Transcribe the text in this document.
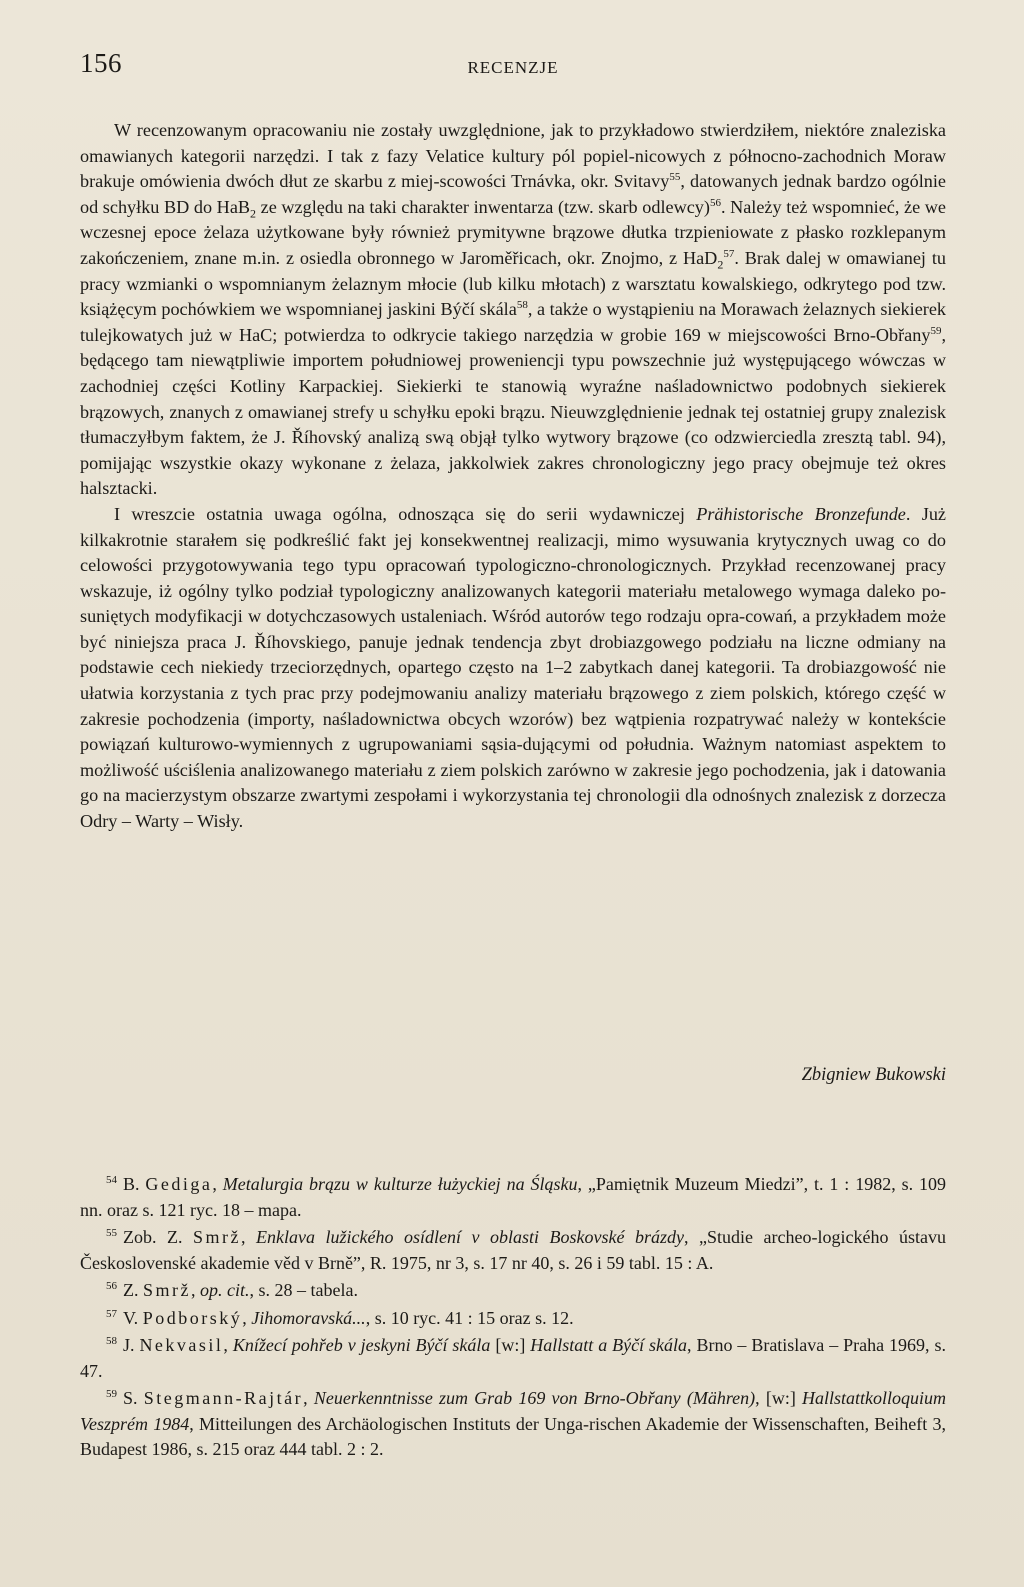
156	RECENZJE

W recenzowanym opracowaniu nie zostały uwzględnione, jak to przykładowo stwierdziłem, niektóre znaleziska omawianych kategorii narzędzi. I tak z fazy Velatice kultury pól popiel-nicowych z północno-zachodnich Moraw brakuje omówienia dwóch dłut ze skarbu z miej-scowości Trnávka, okr. Svitavy$^{55}$, datowanych jednak bardzo ogólnie od schyłku BD do HaB$_2$ ze względu na taki charakter inwentarza (tzw. skarb odlewcy)$^{56}$. Należy też wspomnieć, że we wczesnej epoce żelaza użytkowane były również prymitywne brązowe dłutka trzpieniowate z płasko rozklepanym zakończeniem, znane m.in. z osiedla obronnego w Jaroměřicach, okr. Znojmo, z HaD$_2^{57}$. Brak dalej w omawianej tu pracy wzmianki o wspomnianym żelaznym młocie (lub kilku młotach) z warsztatu kowalskiego, odkrytego pod tzw. książęcym pochówkiem we wspomnianej jaskini Býčí skála$^{58}$, a także o wystąpieniu na Morawach żelaznych siekierek tulejkowatych już w HaC; potwierdza to odkrycie takiego narzędzia w grobie 169 w miejscowości Brno-Obřany$^{59}$, będącego tam niewątpliwie importem południowej proweniencji typu powszechnie już występującego wówczas w zachodniej części Kotliny Karpackiej. Siekierki te stanowią wyraźne naśladownictwo podobnych siekierek brązowych, znanych z omawianej strefy u schyłku epoki brązu. Nieuwzględnienie jednak tej ostatniej grupy znalezisk tłumaczyłbym faktem, że J. Říhovský analizą swą objął tylko wytwory brązowe (co odzwierciedla zresztą tabl. 94), pomijając wszystkie okazy wykonane z żelaza, jakkolwiek zakres chronologiczny jego pracy obejmuje też okres halsztacki.

I wreszcie ostatnia uwaga ogólna, odnosząca się do serii wydawniczej Prähistorische Bronzefunde. Już kilkakrotnie starałem się podkreślić fakt jej konsekwentnej realizacji, mimo wysuwania krytycznych uwag co do celowości przygotowywania tego typu opracowań typologiczno-chronologicznych. Przykład recenzowanej pracy wskazuje, iż ogólny tylko podział typologiczny analizowanych kategorii materiału metalowego wymaga daleko po-suniętych modyfikacji w dotychczasowych ustaleniach. Wśród autorów tego rodzaju opra-cowań, a przykładem może być niniejsza praca J. Říhovskiego, panuje jednak tendencja zbyt drobiazgowego podziału na liczne odmiany na podstawie cech niekiedy trzeciorzędnych, opartego często na 1–2 zabytkach danej kategorii. Ta drobiazgowość nie ułatwia korzystania z tych prac przy podejmowaniu analizy materiału brązowego z ziem polskich, którego część w zakresie pochodzenia (importy, naśladownictwa obcych wzorów) bez wątpienia rozpatrywać należy w kontekście powiązań kulturowo-wymiennych z ugrupowaniami sąsia-dującymi od południa. Ważnym natomiast aspektem to możliwość uściślenia analizowanego materiału z ziem polskich zarówno w zakresie jego pochodzenia, jak i datowania go na macierzystym obszarze zwartymi zespołami i wykorzystania tej chronologii dla odnośnych znalezisk z dorzecza Odry – Warty – Wisły.

Zbigniew Bukowski

$^{54}$ B. Gediga, Metalurgia brązu w kulturze łużyckiej na Śląsku, „Pamiętnik Muzeum Miedzi”, t. 1 : 1982, s. 109 nn. oraz s. 121 ryc. 18 – mapa.

$^{55}$ Zob. Z. Smrž, Enklava lužického osídlení v oblasti Boskovské brázdy, „Studie archeo-logického ústavu Československé akademie věd v Brně”, R. 1975, nr 3, s. 17 nr 40, s. 26 i 59 tabl. 15 : A.

$^{56}$ Z. Smrž, op. cit., s. 28 – tabela.

$^{57}$ V. Podborský, Jihomoravská..., s. 10 ryc. 41 : 15 oraz s. 12.

$^{58}$ J. Nekvasil, Knížecí pohřeb v jeskyni Býčí skála [w:] Hallstatt a Býčí skála, Brno – Bratislava – Praha 1969, s. 47.

$^{59}$ S. Stegmann-Rajtár, Neuerkenntnisse zum Grab 169 von Brno-Obřany (Mähren), [w:] Hallstattkolloquium Veszprém 1984, Mitteilungen des Archäologischen Instituts der Unga-rischen Akademie der Wissenschaften, Beiheft 3, Budapest 1986, s. 215 oraz 444 tabl. 2 : 2.
